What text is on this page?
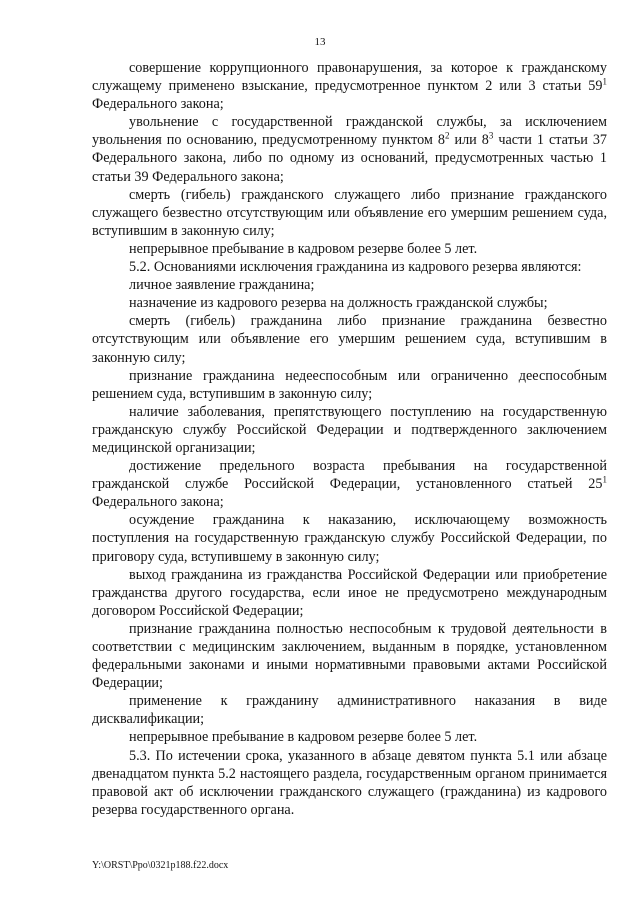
13

совершение коррупционного правонарушения, за которое к гражданскому служащему применено взыскание, предусмотренное пунктом 2 или 3 статьи $59^1$ Федерального закона;

увольнение с государственной гражданской службы, за исключением увольнения по основанию, предусмотренному пунктом $8^2$ или $8^3$ части 1 статьи 37 Федерального закона, либо по одному из оснований, предусмотренных частью 1 статьи 39 Федерального закона;

смерть (гибель) гражданского служащего либо признание гражданского служащего безвестно отсутствующим или объявление его умершим решением суда, вступившим в законную силу;

непрерывное пребывание в кадровом резерве более 5 лет.

5.2. Основаниями исключения гражданина из кадрового резерва являются:

личное заявление гражданина;

назначение из кадрового резерва на должность гражданской службы;

смерть (гибель) гражданина либо признание гражданина безвестно отсутствующим или объявление его умершим решением суда, вступившим в законную силу;

признание гражданина недееспособным или ограниченно дееспособным решением суда, вступившим в законную силу;

наличие заболевания, препятствующего поступлению на государственную гражданскую службу Российской Федерации и подтвержденного заключением медицинской организации;

достижение предельного возраста пребывания на государственной гражданской службе Российской Федерации, установленного статьей $25^1$ Федерального закона;

осуждение гражданина к наказанию, исключающему возможность поступления на государственную гражданскую службу Российской Федерации, по приговору суда, вступившему в законную силу;

выход гражданина из гражданства Российской Федерации или приобретение гражданства другого государства, если иное не предусмотрено международным договором Российской Федерации;

признание гражданина полностью неспособным к трудовой деятельности в соответствии с медицинским заключением, выданным в порядке, установленном федеральными законами и иными нормативными правовыми актами Российской Федерации;

применение к гражданину административного наказания в виде дисквалификации;

непрерывное пребывание в кадровом резерве более 5 лет.

5.3. По истечении срока, указанного в абзаце девятом пункта 5.1 или абзаце двенадцатом пункта 5.2 настоящего раздела, государственным органом принимается правовой акт об исключении гражданского служащего (гражданина) из кадрового резерва государственного органа.

Y:\ORST\Ppo\0321p188.f22.docx
